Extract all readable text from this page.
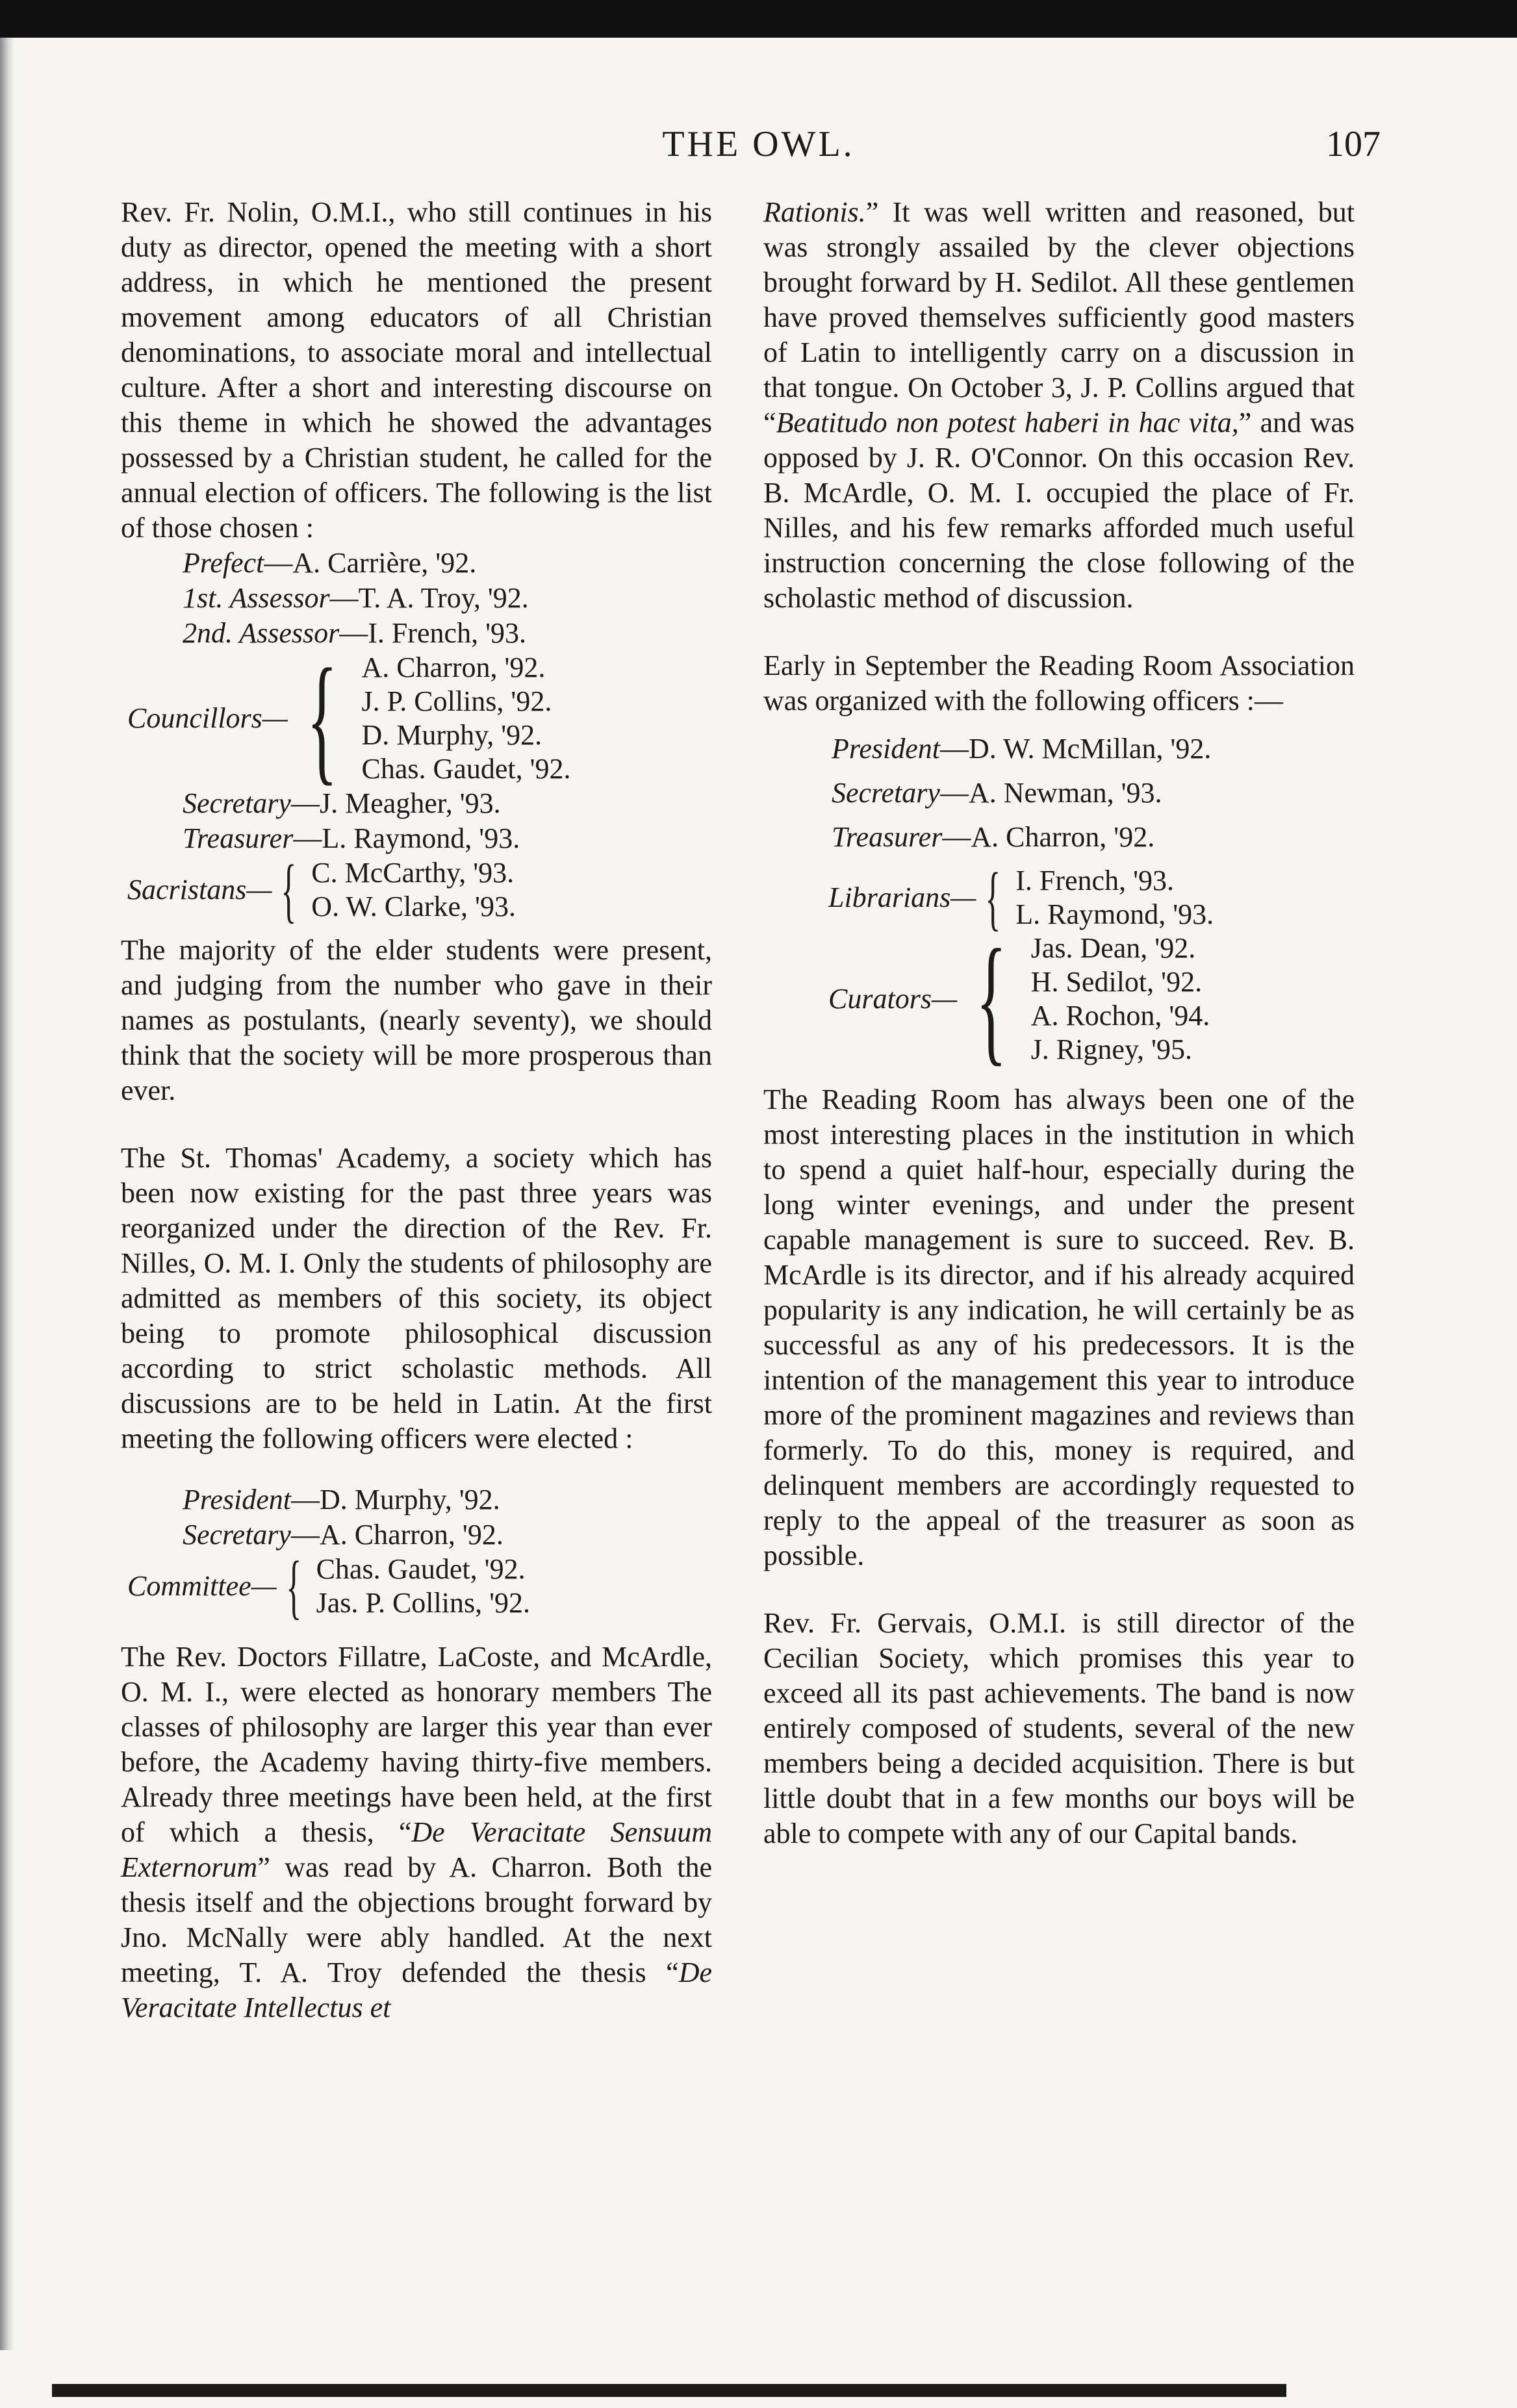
THE OWL.	107

Rev. Fr. Nolin, O.M.I., who still continues in his duty as director, opened the meeting with a short address, in which he mentioned the present movement among educators of all Christian denominations, to associate moral and intellectual culture. After a short and interesting discourse on this theme in which he showed the advantages possessed by a Christian student, he called for the annual election of officers. The following is the list of those chosen :

Prefect—A. Carrière, '92.

1st. Assessor—T. A. Troy, '92.

2nd. Assessor—I. French, '93.

Councillors— { A. Charron, '92.
J. P. Collins, '92.
D. Murphy, '92.
Chas. Gaudet, '92.

Secretary—J. Meagher, '93.

Treasurer—L. Raymond, '93.

Sacristans— { C. McCarthy, '93.
O. W. Clarke, '93.

The majority of the elder students were present, and judging from the number who gave in their names as postulants, (nearly seventy), we should think that the society will be more prosperous than ever.

The St. Thomas' Academy, a society which has been now existing for the past three years was reorganized under the direction of the Rev. Fr. Nilles, O. M. I. Only the students of philosophy are admitted as members of this society, its object being to promote philosophical discussion according to strict scholastic methods. All discussions are to be held in Latin. At the first meeting the following officers were elected :

President—D. Murphy, '92.

Secretary—A. Charron, '92.

Committee— { Chas. Gaudet, '92.
Jas. P. Collins, '92.

The Rev. Doctors Fillatre, LaCoste, and McArdle, O. M. I., were elected as honorary members The classes of philosophy are larger this year than ever before, the Academy having thirty-five members. Already three meetings have been held, at the first of which a thesis, “De Veracitate Sensuum Externorum” was read by A. Charron. Both the thesis itself and the objections brought forward by Jno. McNally were ably handled. At the next meeting, T. A. Troy defended the thesis “De Veracitate Intellectus et

Rationis.” It was well written and reasoned, but was strongly assailed by the clever objections brought forward by H. Sedilot. All these gentlemen have proved themselves sufficiently good masters of Latin to intelligently carry on a discussion in that tongue. On October 3, J. P. Collins argued that “Beatitudo non potest haberi in hac vita,” and was opposed by J. R. O'Connor. On this occasion Rev. B. McArdle, O. M. I. occupied the place of Fr. Nilles, and his few remarks afforded much useful instruction concerning the close following of the scholastic method of discussion.

Early in September the Reading Room Association was organized with the following officers :—

President—D. W. McMillan, '92.

Secretary—A. Newman, '93.

Treasurer—A. Charron, '92.

Librarians— { I. French, '93.
L. Raymond, '93.
Curators— { Jas. Dean, '92.
H. Sedilot, '92.
A. Rochon, '94.
J. Rigney, '95.

The Reading Room has always been one of the most interesting places in the institution in which to spend a quiet half-hour, especially during the long winter evenings, and under the present capable management is sure to succeed. Rev. B. McArdle is its director, and if his already acquired popularity is any indication, he will certainly be as successful as any of his predecessors. It is the intention of the management this year to introduce more of the prominent magazines and reviews than formerly. To do this, money is required, and delinquent members are accordingly requested to reply to the appeal of the treasurer as soon as possible.

Rev. Fr. Gervais, O.M.I. is still director of the Cecilian Society, which promises this year to exceed all its past achievements. The band is now entirely composed of students, several of the new members being a decided acquisition. There is but little doubt that in a few months our boys will be able to compete with any of our Capital bands.
